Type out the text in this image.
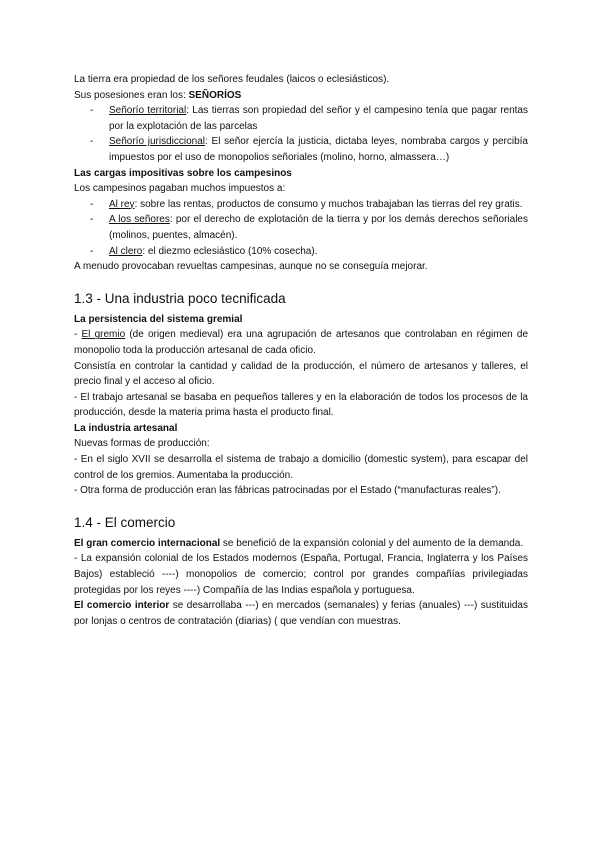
La tierra era propiedad de los señores feudales (laicos o eclesiásticos).

Sus posesiones eran los: SEÑORÍOS

- Señorío territorial: Las tierras son propiedad del señor y el campesino tenía que pagar rentas por la explotación de las parcelas
- Señorío jurisdiccional: El señor ejercía la justicia, dictaba leyes, nombraba cargos y percibía impuestos por el uso de monopolios señoriales (molino, horno, almassera…)

Las cargas impositivas sobre los campesinos

Los campesinos pagaban muchos impuestos a:

- Al rey: sobre las rentas, productos de consumo y muchos trabajaban las tierras del rey gratis.
- A los señores: por el derecho de explotación de la tierra y por los demás derechos señoriales (molinos, puentes, almacén).
- Al clero: el diezmo eclesiástico (10% cosecha).

A menudo provocaban revueltas campesinas, aunque no se conseguía mejorar.

1.3 - Una industria poco tecnificada

La persistencia del sistema gremial

- El gremio (de origen medieval) era una agrupación de artesanos que controlaban en régimen de monopolio toda la producción artesanal de cada oficio.

Consistía en controlar la cantidad y calidad de la producción, el número de artesanos y talleres, el precio final y el acceso al oficio.

- El trabajo artesanal se basaba en pequeños talleres y en la elaboración de todos los procesos de la producción, desde la materia prima hasta el producto final.

La industria artesanal

Nuevas formas de producción:

- En el siglo XVII se desarrolla el sistema de trabajo a domicilio (domestic system), para escapar del control de los gremios. Aumentaba la producción.

- Otra forma de producción eran las fábricas patrocinadas por el Estado (“manufacturas reales”).

1.4 - El comercio

El gran comercio internacional se benefició de la expansión colonial y del aumento de la demanda.

- La expansión colonial de los Estados modernos (España, Portugal, Francia, Inglaterra y los Países Bajos) estableció ----) monopolios de comercio; control por grandes compañías privilegiadas protegidas por los reyes ----) Compañía de las Indias española y portuguesa.

El comercio interior se desarrollaba ---) en mercados (semanales) y ferias (anuales) ---) sustituidas por lonjas o centros de contratación (diarias) ( que vendían con muestras.
